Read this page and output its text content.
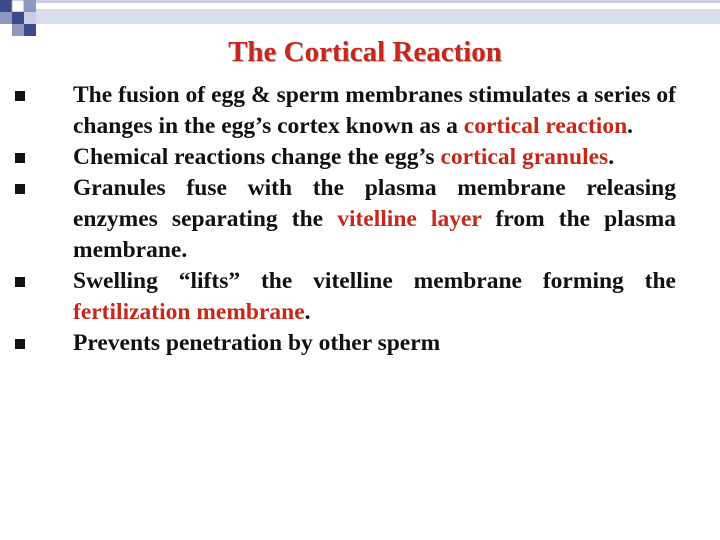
The Cortical Reaction
The fusion of egg & sperm membranes stimulates a series of changes in the egg’s cortex known as a cortical reaction.
Chemical reactions change the egg’s cortical granules.
Granules fuse with the plasma membrane releasing enzymes separating the vitelline layer from the plasma membrane.
Swelling “lifts” the vitelline membrane forming the fertilization membrane.
Prevents penetration by other sperm
